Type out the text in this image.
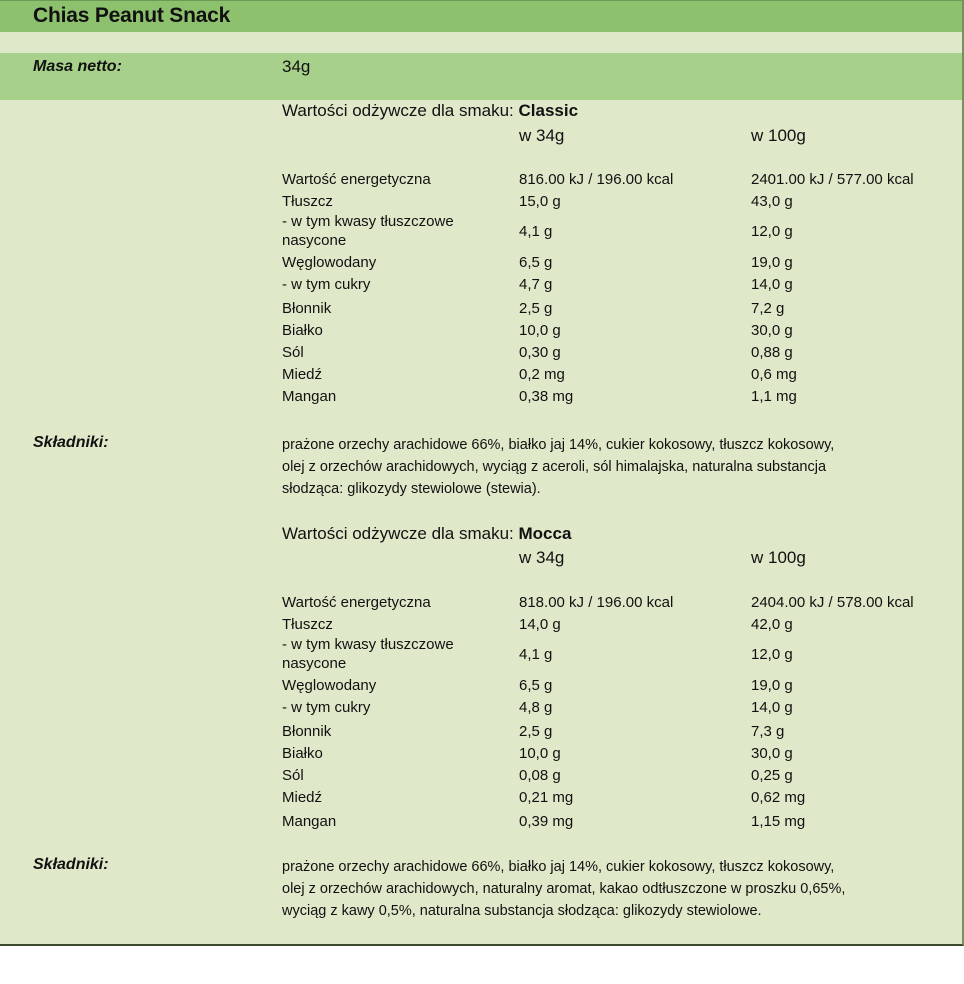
Chias Peanut Snack
Masa netto:	34g
Wartości odżywcze dla smaku: Classic
w 34g	w 100g
Wartość energetyczna	816.00 kJ / 196.00 kcal	2401.00 kJ / 577.00 kcal
Tłuszcz	15,0 g	43,0 g
- w tym kwasy tłuszczowe
nasycone
4,1 g	12,0 g
Węglowodany	6,5 g	19,0 g
- w tym cukry	4,7 g	14,0 g
Błonnik	2,5 g	7,2 g
Białko	10,0 g	30,0 g
Sól	0,30 g	0,88 g
Miedź	0,2 mg	0,6 mg
Mangan	0,38 mg	1,1 mg
Składniki:	prażone orzechy arachidowe 66%, białko jaj 14%, cukier kokosowy, tłuszcz kokosowy,
olej z orzechów arachidowych, wyciąg z aceroli, sól himalajska, naturalna substancja
słodząca: glikozydy stewiolowe (stewia).
Wartości odżywcze dla smaku: Mocca
w 34g	w 100g
Wartość energetyczna	818.00 kJ / 196.00 kcal	2404.00 kJ / 578.00 kcal
Tłuszcz	14,0 g	42,0 g
- w tym kwasy tłuszczowe
nasycone
4,1 g	12,0 g
Węglowodany	6,5 g	19,0 g
- w tym cukry	4,8 g	14,0 g
Błonnik	2,5 g	7,3 g
Białko	10,0 g	30,0 g
Sól	0,08 g	0,25 g
Miedź	0,21 mg	0,62 mg
Mangan	0,39 mg	1,15 mg
Składniki:	prażone orzechy arachidowe 66%, białko jaj 14%, cukier kokosowy, tłuszcz kokosowy,
olej z orzechów arachidowych, naturalny aromat, kakao odtłuszczone w proszku 0,65%,
wyciąg z kawy 0,5%, naturalna substancja słodząca: glikozydy stewiolowe.
